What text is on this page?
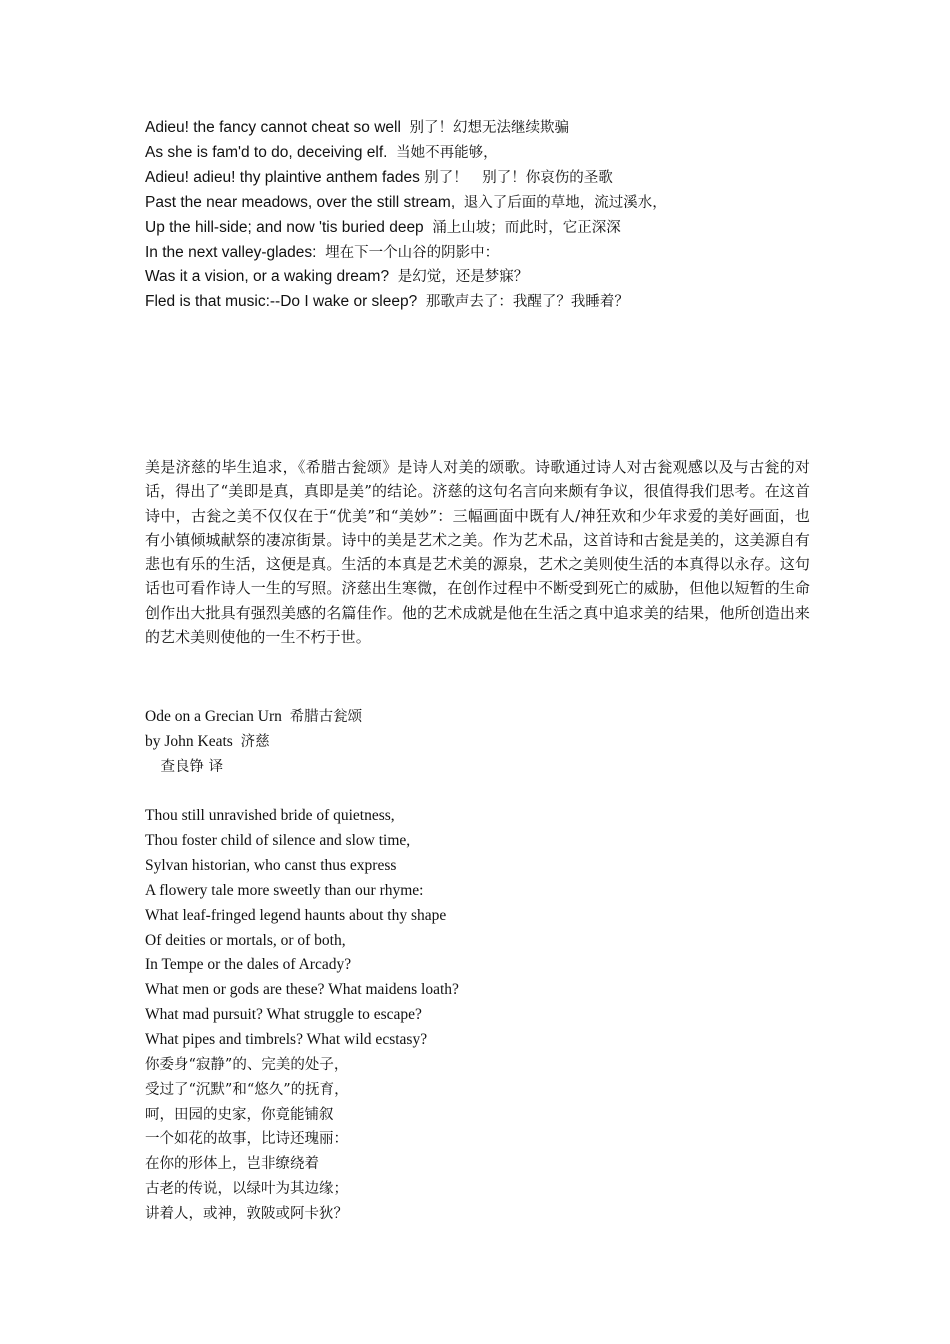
Adieu! the fancy cannot cheat so well 别了！幻想无法继续欺骗
As she is fam'd to do, deceiving elf. 当她不再能够，
Adieu! adieu! thy plaintive anthem fades 别了！　别了！你哀伤的圣歌
Past the near meadows, over the still stream, 退入了后面的草地，流过溪水，
Up the hill-side; and now 'tis buried deep 涌上山坡；而此时，它正深深
In the next valley-glades: 埋在下一个山谷的阴影中：
Was it a vision, or a waking dream? 是幻觉，还是梦寐？
Fled is that music:--Do I wake or sleep? 那歌声去了：我醒了？我睡着？
美是济慈的毕生追求，《希腊古瓮颂》是诗人对美的颂歌。诗歌通过诗人对古瓮观感以及与古瓮的对话，得出了“美即是真，真即是美”的结论。济慈的这句名言向来颇有争议，很值得我们思考。在这首诗中，古瓮之美不仅仅在于“优美”和“美妙”：三幅画面中既有人/神狂欢和少年求爱的美好画面，也有小镇倾城献祭的凄凉街景。诗中的美是艺术之美。作为艺术品，这首诗和古瓮是美的，这美源自有悲也有乐的生活，这便是真。生活的本真是艺术美的源泉，艺术之美则使生活的本真得以永存。这句话也可看作诗人一生的写照。济慈出生寒微，在创作过程中不断受到死亡的威胁，但他以短暂的生命创作出大批具有强烈美感的名篇佳作。他的艺术成就是他在生活之真中追求美的结果，他所创造出来的艺术美则使他的一生不朽于世。
Ode on a Grecian Urn 希腊古瓮颂
by John Keats 济慈
查良铮 译
Thou still unravished bride of quietness,
Thou foster child of silence and slow time,
Sylvan historian, who canst thus express
A flowery tale more sweetly than our rhyme:
What leaf-fringed legend haunts about thy shape
Of deities or mortals, or of both,
In Tempe or the dales of Arcady?
What men or gods are these? What maidens loath?
What mad pursuit? What struggle to escape?
What pipes and timbrels? What wild ecstasy?
你委身“寂静”的、完美的处子，
受过了“沉默”和“悠久”的抚育，
呵，田园的史家，你竟能铺叙
一个如花的故事，比诗还瑰丽：
在你的形体上，岂非缭绕着
古老的传说，以绿叶为其边缘；
讲着人，或神，敦陂或阿卡狄？
